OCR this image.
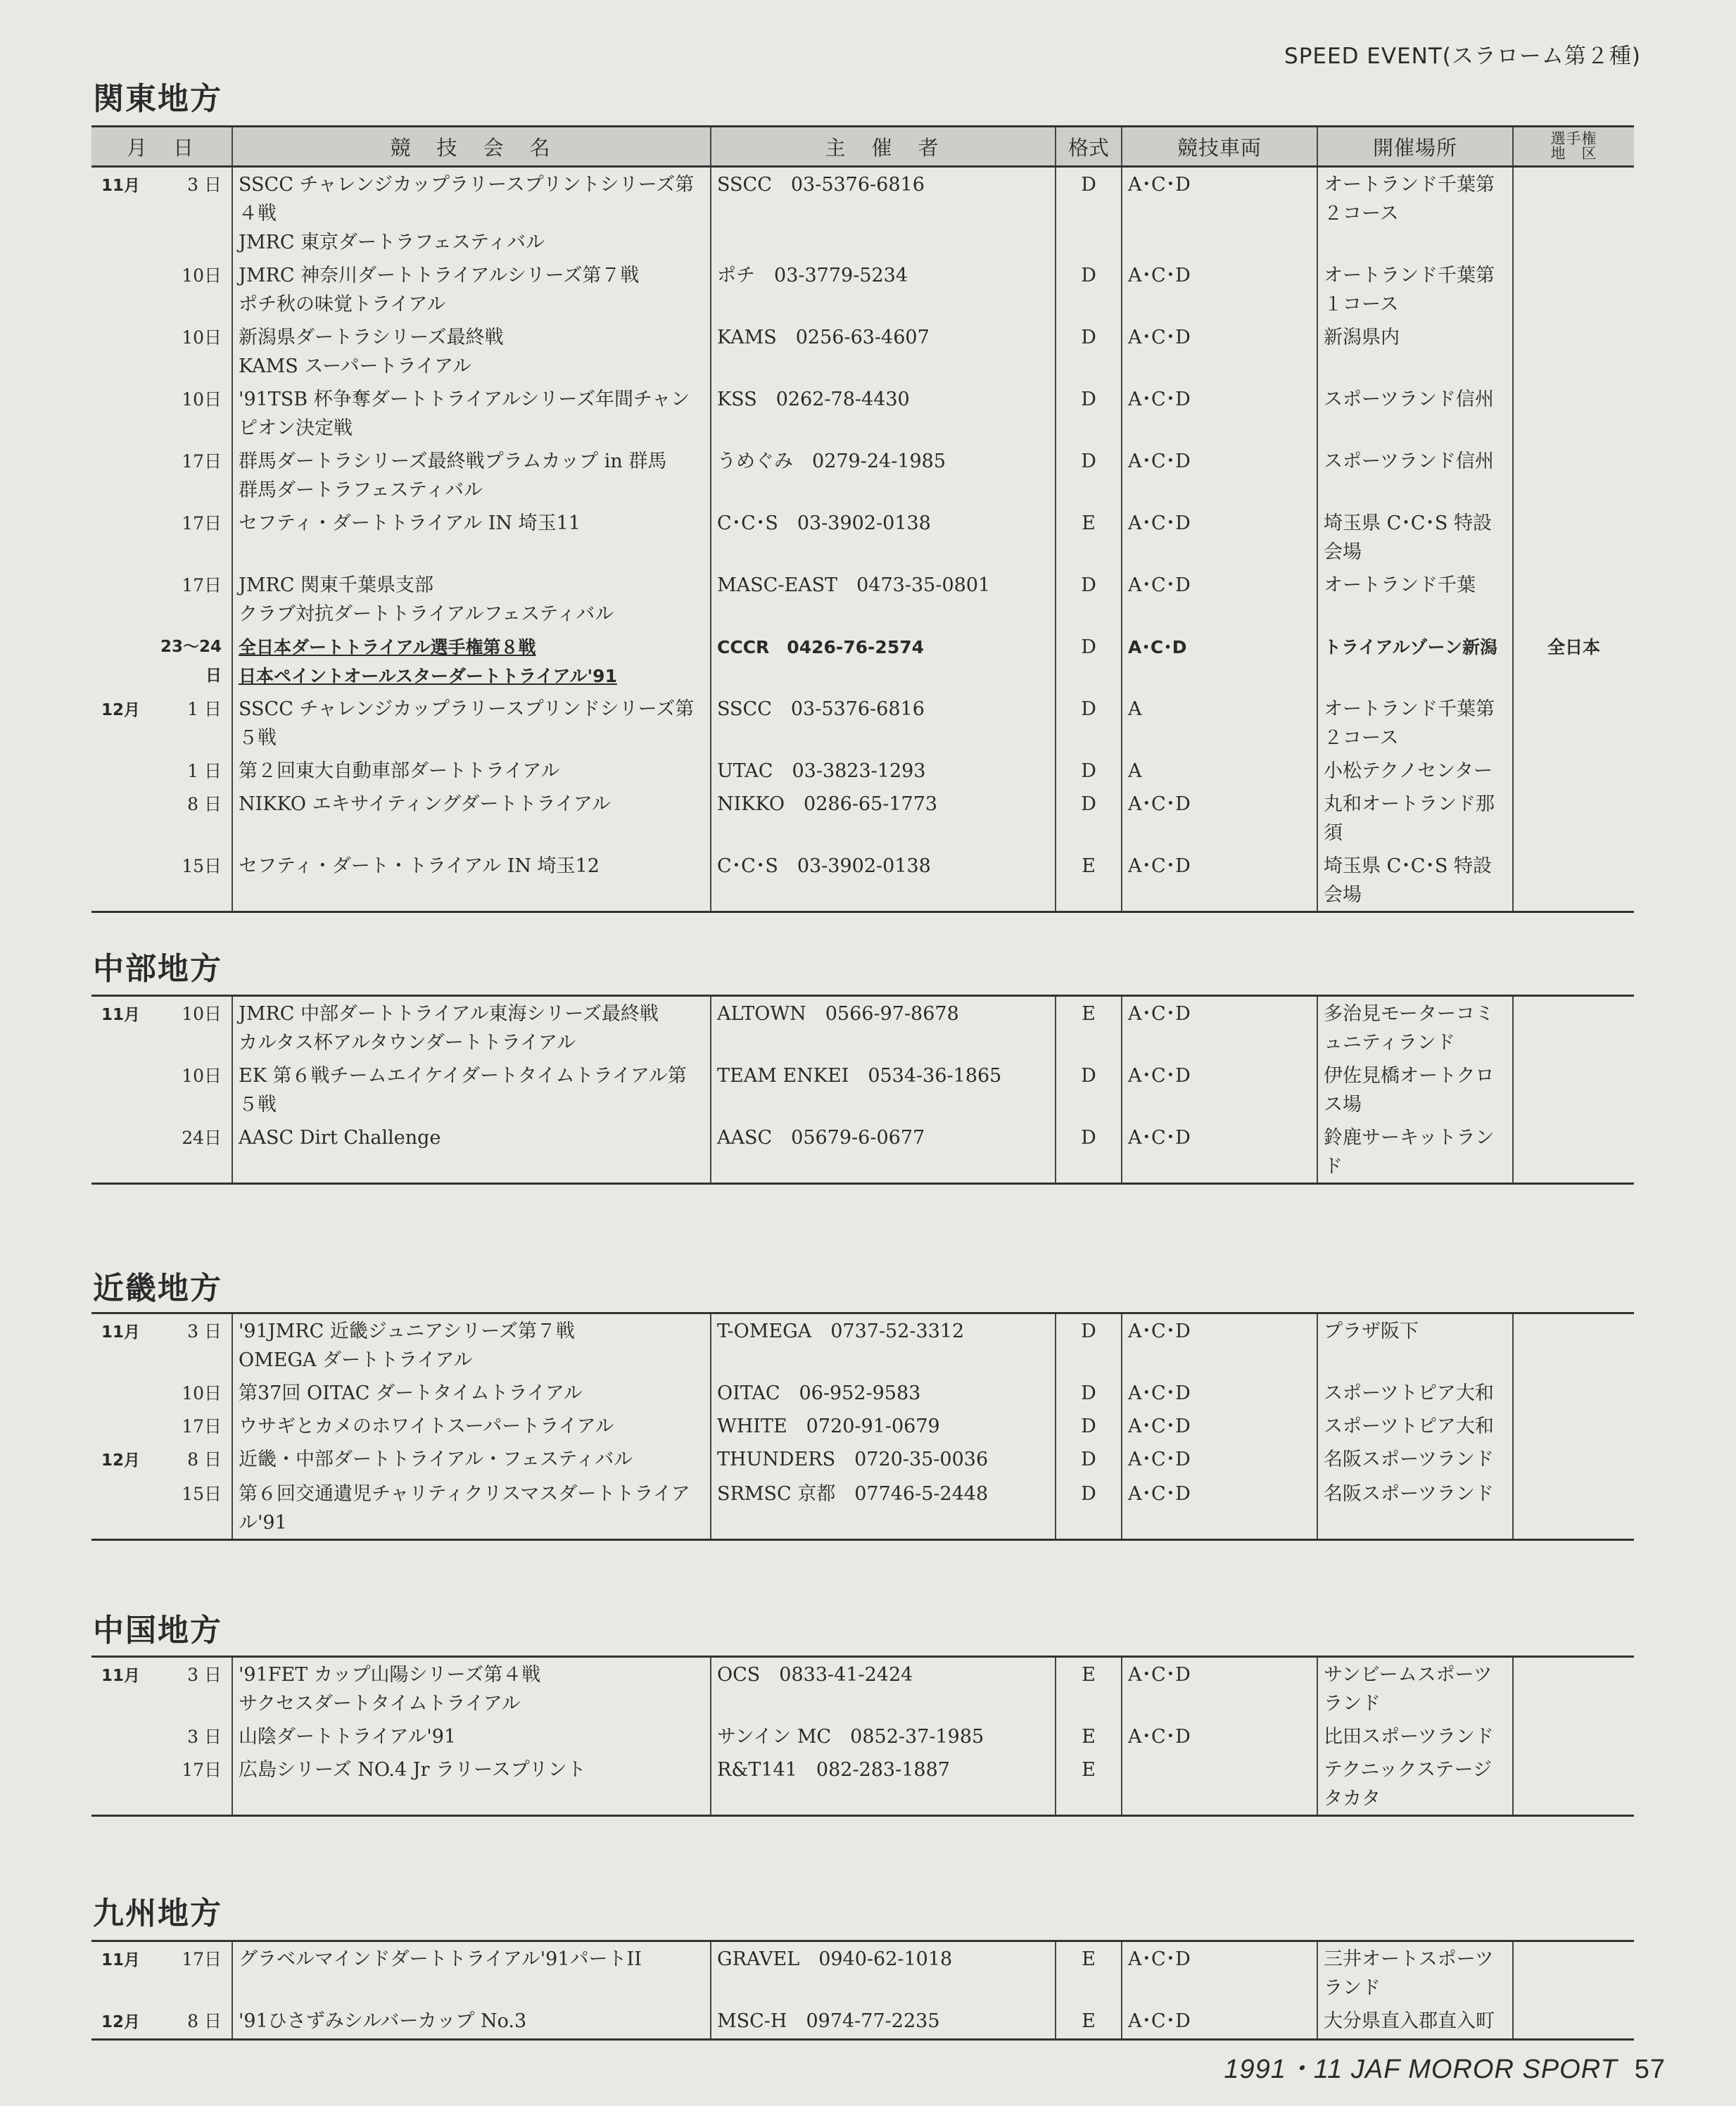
SPEED EVENT(スラローム第２種)
関東地方
月　日		競　技　会　名	主　催　者	格式	競技車両	開催場所	選手権
地　区

11月	3 日	SSCC チャレンジカップラリースプリントシリーズ第４戦
JMRC 東京ダートラフェスティバル	SSCC　03-5376-6816	D	A･C･D	オートランド千葉第２コース	
	10日	JMRC 神奈川ダートトライアルシリーズ第７戦
ポチ秋の味覚トライアル	ポチ　03-3779-5234	D	A･C･D	オートランド千葉第１コース	
	10日	新潟県ダートラシリーズ最終戦
KAMS スーパートライアル	KAMS　0256-63-4607	D	A･C･D	新潟県内	
	10日	'91TSB 杯争奪ダートトライアルシリーズ年間チャンピオン決定戦	KSS　0262-78-4430	D	A･C･D	スポーツランド信州	
	17日	群馬ダートラシリーズ最終戦プラムカップ in 群馬
群馬ダートラフェスティバル	うめぐみ　0279-24-1985	D	A･C･D	スポーツランド信州	
	17日	セフティ・ダートトライアル IN 埼玉11	C･C･S　03-3902-0138	E	A･C･D	埼玉県 C･C･S 特設会場	
	17日	JMRC 関東千葉県支部
クラブ対抗ダートトライアルフェスティバル	MASC-EAST　0473-35-0801	D	A･C･D	オートランド千葉	
	23〜24日	全日本ダートトライアル選手権第８戦
日本ペイントオールスターダートトライアル'91	CCCR　0426-76-2574	D	A･C･D	トライアルゾーン新潟	全日本
12月	1 日	SSCC チャレンジカップラリースプリンドシリーズ第５戦	SSCC　03-5376-6816	D	A	オートランド千葉第２コース	
	1 日	第２回東大自動車部ダートトライアル	UTAC　03-3823-1293	D	A	小松テクノセンター	
	8 日	NIKKO エキサイティングダートトライアル	NIKKO　0286-65-1773	D	A･C･D	丸和オートランド那須	
	15日	セフティ・ダート・トライアル IN 埼玉12	C･C･S　03-3902-0138	E	A･C･D	埼玉県 C･C･S 特設会場	
中部地方
11月	10日	JMRC 中部ダートトライアル東海シリーズ最終戦
カルタス杯アルタウンダートトライアル	ALTOWN　0566-97-8678	E	A･C･D	多治見モーターコミュニティランド	
	10日	EK 第６戦チームエイケイダートタイムトライアル第５戦	TEAM ENKEI　0534-36-1865	D	A･C･D	伊佐見橋オートクロス場	
	24日	AASC Dirt Challenge	AASC　05679-6-0677	D	A･C･D	鈴鹿サーキットランド	
近畿地方
11月	3 日	'91JMRC 近畿ジュニアシリーズ第７戦
OMEGA ダートトライアル	T-OMEGA　0737-52-3312	D	A･C･D	プラザ阪下	
	10日	第37回 OITAC ダートタイムトライアル	OITAC　06-952-9583	D	A･C･D	スポーツトピア大和	
	17日	ウサギとカメのホワイトスーパートライアル	WHITE　0720-91-0679	D	A･C･D	スポーツトピア大和	
12月	8 日	近畿・中部ダートトライアル・フェスティバル	THUNDERS　0720-35-0036	D	A･C･D	名阪スポーツランド	
	15日	第６回交通遺児チャリティクリスマスダートトライアル'91	SRMSC 京都　07746-5-2448	D	A･C･D	名阪スポーツランド	
中国地方
11月	3 日	'91FET カップ山陽シリーズ第４戦
サクセスダートタイムトライアル	OCS　0833-41-2424	E	A･C･D	サンビームスポーツランド	
	3 日	山陰ダートトライアル'91	サンイン MC　0852-37-1985	E	A･C･D	比田スポーツランド	
	17日	広島シリーズ NO.4 Jr ラリースプリント	R&T141　082-283-1887	E		テクニックステージタカタ	
九州地方
11月	17日	グラベルマインドダートトライアル'91パートII	GRAVEL　0940-62-1018	E	A･C･D	三井オートスポーツランド	
12月	8 日	'91ひさずみシルバーカップ No.3	MSC-H　0974-77-2235	E	A･C･D	大分県直入郡直入町	
1991・11 JAF MOROR SPORT 57
